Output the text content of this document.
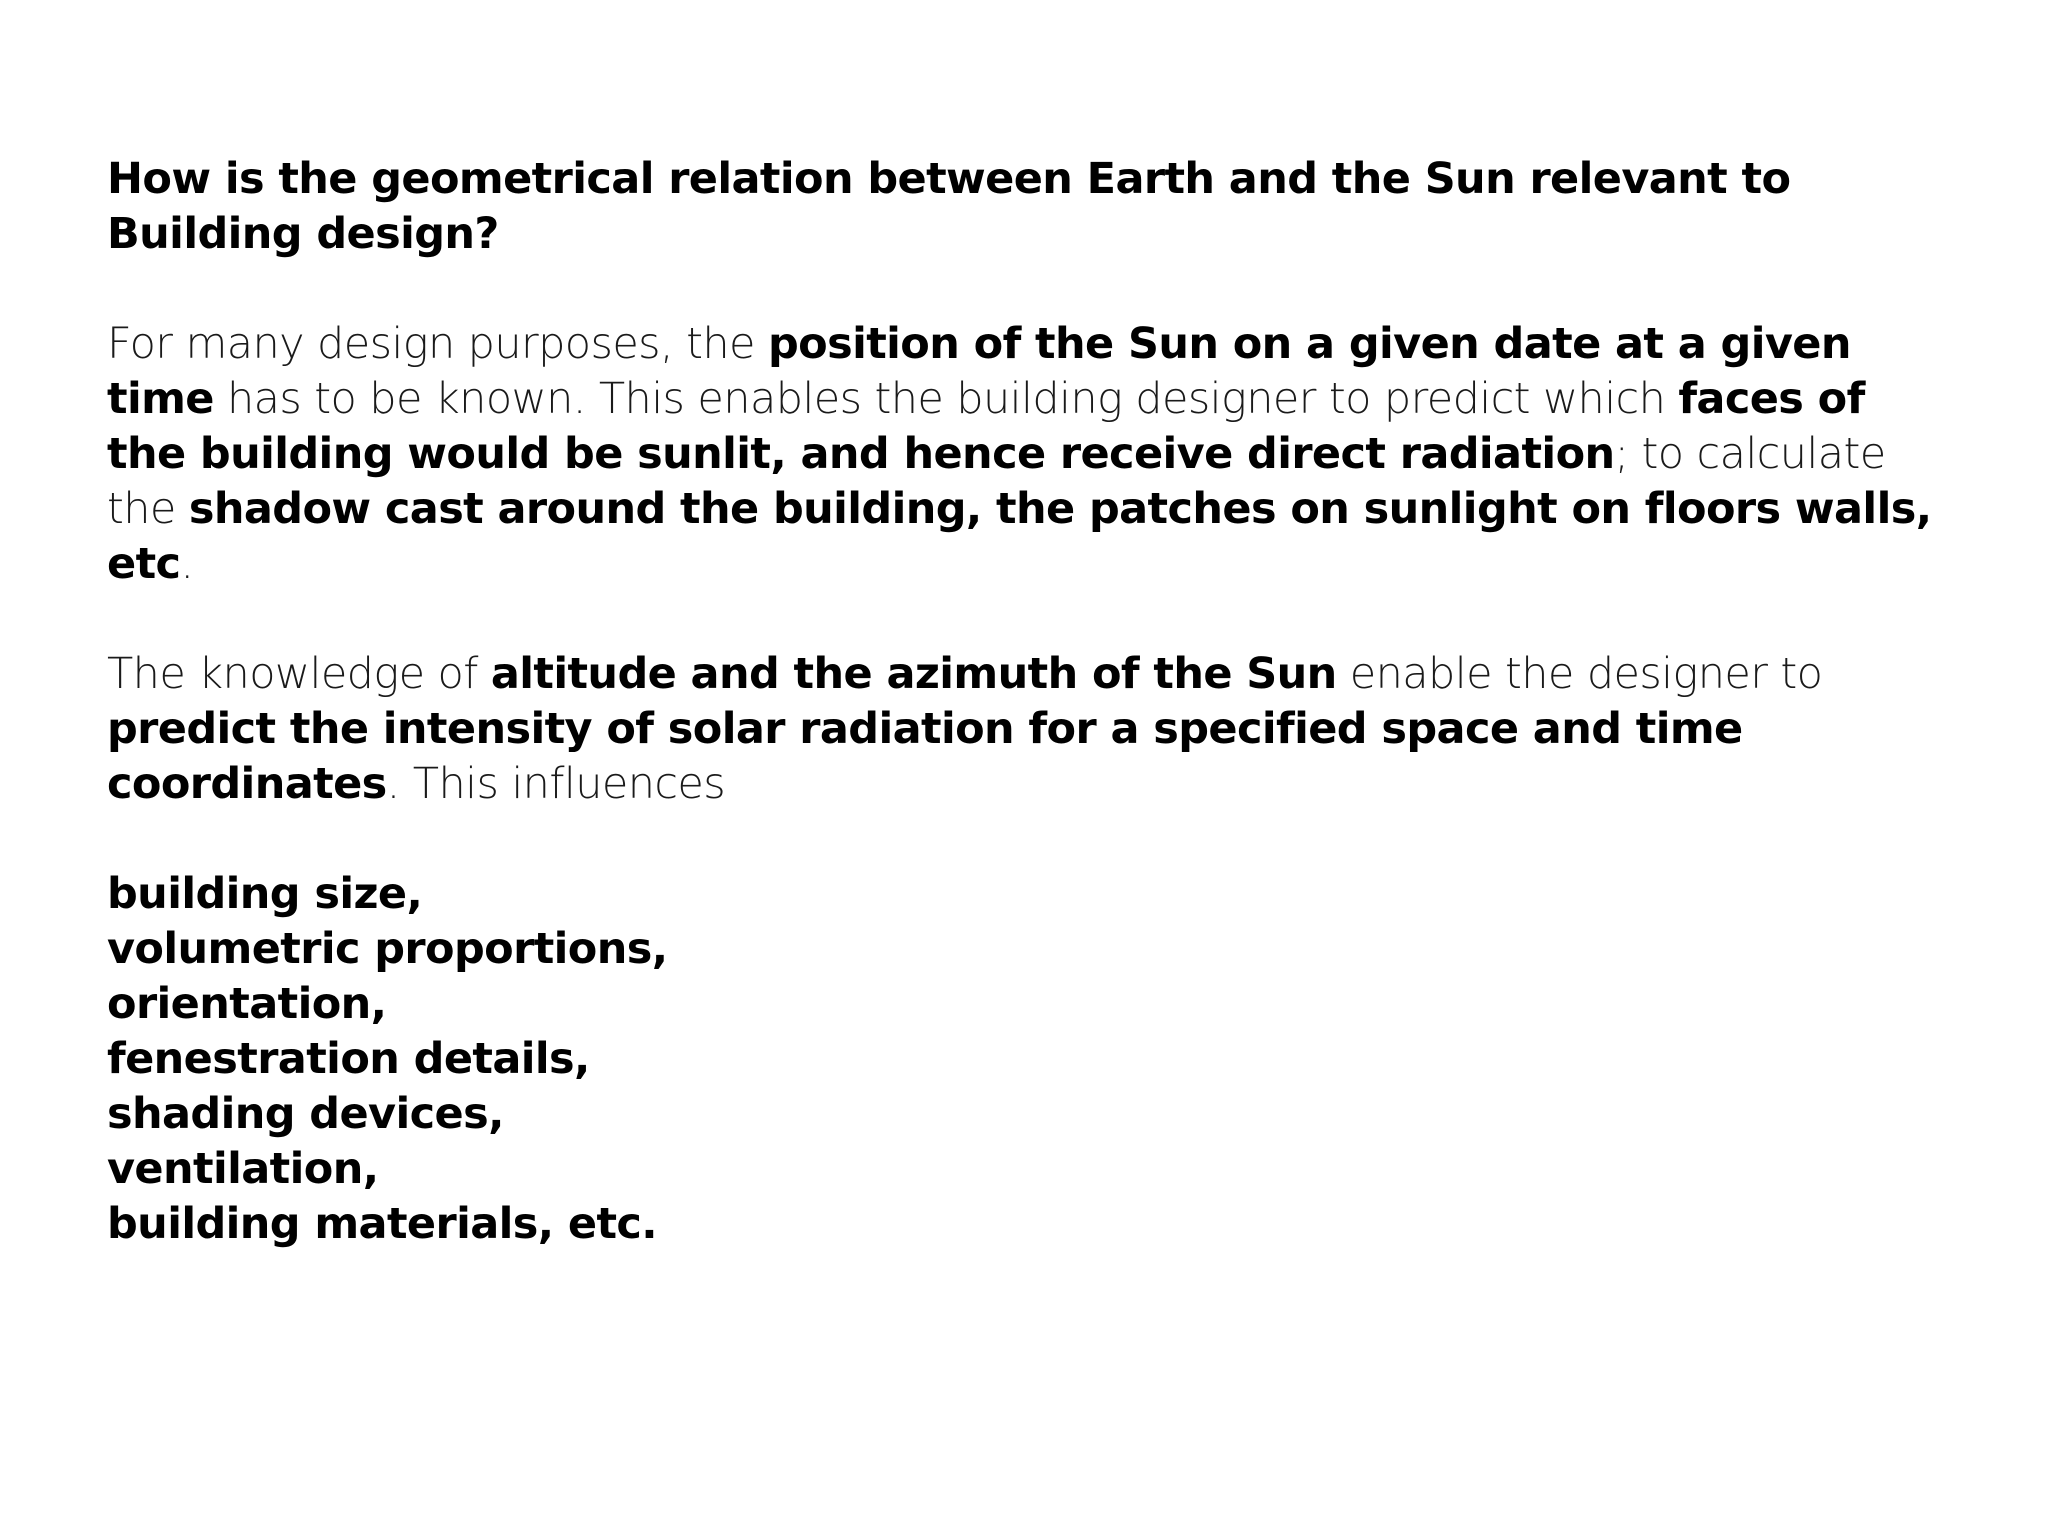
How is the geometrical relation between Earth and the Sun relevant to Building design?

For many design purposes, the position of the Sun on a given date at a given time has to be known. This enables the building designer to predict which faces of the building would be sunlit, and hence receive direct radiation; to calculate the shadow cast around the building, the patches on sunlight on floors walls, etc.

The knowledge of altitude and the azimuth of the Sun enable the designer to predict the intensity of solar radiation for a specified space and time coordinates. This influences

building size,
volumetric proportions,
orientation,
fenestration details,
shading devices,
ventilation,
building materials, etc.
